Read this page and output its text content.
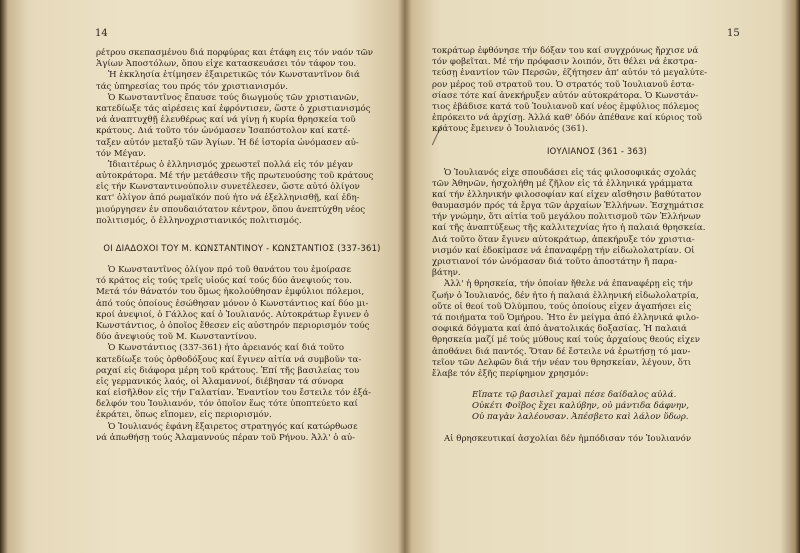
14
ρέτρου σκεπασμένου διά πορφύρας και έτάφη εις τόν ναόν τῶν
Ἁγίων Ἀποστόλων, ὅπου εἶχε κατασκευάσει τόν τάφον του.
Ἡ ἐκκλησία ἐτίμησεν ἐξαιρετικῶς τόν Κωνσταντῖνον διά
τάς ὑπηρεσίας του πρός τόν χριστιανισμόν.
Ὁ Κωνσταντῖνος ἔπαυσε τούς διωγμούς τῶν χριστιανῶν,
κατεδίωξε τάς αἱρέσεις καί ἐφρόντισεν, ὥστε ὁ χριστιανισμός
νά ἀναπτυχθῇ ἐλευθέρως καί νά γίνῃ ἡ κυρία θρησκεία τοῦ
κράτους. Διά τοῦτο τόν ὠνόμασεν Ἰσαπόστολον καί κατέ-
ταξεν αὐτόν μεταξύ τῶν Ἁγίων. Ἡ δέ ἱστορία ὠνόμασεν αὐ-
τόν Μέγαν.
Ἰδιαιτέρως ὁ ἑλληνισμός χρεωστεῖ πολλά εἰς τόν μέγαν
αὐτοκράτορα. Μέ τήν μετάθεσιν τῆς πρωτευούσης τοῦ κράτους
εἰς τήν Κωνσταντινούπολιν συνετέλεσεν, ὥστε αὐτό ὀλίγον
κατ' ὀλίγον ἀπό ρωμαϊκόν πού ἦτο νά ἐξελληνισθῇ, καί ἐδη-
μιούργησεν ἐν σπουδαιότατον κέντρον, ὅπου ἀνεπτύχθη νέος
πολιτισμός, ὁ ἑλληνοχριστιανικός πολιτισμός.
ΟΙ ΔΙΑΔΟΧΟΙ ΤΟΥ Μ. ΚΩΝΣΤΑΝΤΙΝΟΥ - ΚΩΝΣΤΑΝΤΙΟΣ (337-361)
Ὁ Κωνσταντῖνος ὀλίγον πρό τοῦ θανάτου του ἐμοίρασε
τό κράτος εἰς τούς τρεῖς υἱούς καί τούς δύο ἀνεψιούς του.
Μετά τόν θάνατόν του ὅμως ἠκολούθησαν ἐμφύλιοι πόλεμοι,
ἀπό τούς ὁποίους ἐσώθησαν μόνον ὁ Κωνστάντιος καί δύο μι-
κροί ἀνεψιοί, ὁ Γάλλος καί ὁ Ἰουλιανός. Αὐτοκράτωρ ἔγινεν ὁ
Κωνστάντιος, ὁ ὁποῖος ἔθεσεν εἰς αὐστηρόν περιορισμόν τούς
δύο ἀνεψιούς τοῦ Μ. Κωνσταντίνου.
Ὁ Κωνστάντιος (337-361) ἦτο ἀρειανός καί διά τοῦτο
κατεδίωξε τούς ὀρθοδόξους καί ἔγινεν αἰτία νά συμβοῦν τα-
ραχαί εἰς διάφορα μέρη τοῦ κράτους. Ἐπί τῆς βασιλείας του
εἰς γερμανικός λαός, οἱ Ἀλαμαννοί, διέβησαν τά σύνορα
καί εἰσῆλθον εἰς τήν Γαλατίαν. Ἐναντίον του ἔστειλε τόν ἐξά-
δελφόν του Ἰουλιανόν, τόν ὁποῖον ἕως τότε ὑποπτεύετο καί
ἐκράτει, ὅπως εἴπομεν, εἰς περιορισμόν.
Ὁ Ἰουλιανός ἐφάνη ἔξαιρετος στρατηγός καί κατώρθωσε
νά ἀπωθήσῃ τούς Ἀλαμαννούς πέραν τοῦ Ρήνου. Ἀλλ' ὁ αὐ-
15
τοκράτωρ ἐφθόνησε τήν δόξαν του καί συγχρόνως ἤρχισε νά
τόν φοβεῖται. Μέ τήν πρόφασιν λοιπόν, ὅτι θέλει νά ἐκστρα-
τεύσῃ ἐναντίον τῶν Περσῶν, ἐζήτησεν ἀπ' αὐτόν τό μεγαλύτε-
ρον μέρος τοῦ στρατοῦ του. Ὁ στρατός τοῦ Ἰουλιανοῦ ἐστα-
σίασε τότε καί ἀνεκήρυξεν αὐτόν αὐτοκράτορα. Ὁ Κωνστάν-
τιος ἐβάδισε κατά τοῦ Ἰουλιανοῦ καί νέος ἐμφύλιος πόλεμος
ἐπρόκειτο νά ἀρχίσῃ. Ἀλλά καθ' ὁδόν ἀπέθανε καί κύριος τοῦ
κράτους ἔμεινεν ὁ Ἰουλιανός (361).
ΙΟΥΛΙΑΝΟΣ (361 - 363)
Ὁ Ἰουλιανός εἶχε σπουδάσει εἰς τάς φιλοσοφικάς σχολάς
τῶν Ἀθηνῶν, ἠσχολήθη μέ ζῆλον εἰς τά ἑλληνικά γράμματα
καί τήν ἑλληνικήν φιλοσοφίαν καί εἶχεν αἴσθησιν βαθύτατον
θαυμασμόν πρός τά ἔργα τῶν ἀρχαίων Ἑλλήνων. Ἐσχημάτισε
τήν γνώμην, ὅτι αἰτία τοῦ μεγάλου πολιτισμοῦ τῶν Ἑλλήνων
καί τῆς ἀναπτύξεως τῆς καλλιτεχνίας ἦτο ἡ παλαιά θρησκεία.
Διά τοῦτο ὅταν ἔγινεν αὐτοκράτωρ, ἀπεκήρυξε τόν χριστια-
νισμόν καί ἐδοκίμασε νά ἐπαναφέρῃ τήν εἰδωλολατρίαν. Οἱ
χριστιανοί τόν ὠνόμασαν διά τοῦτο ἀποστάτην ἤ παρα-
βάτην.
Ἀλλ' ἡ θρησκεία, τήν ὁποίαν ἤθελε νά ἐπαναφέρῃ εἰς τήν
ζωήν ὁ Ἰουλιανός, δέν ἦτο ἡ παλαιά ἑλληνική εἰδωλολατρία,
οὔτε οἱ θεοί τοῦ Ὀλύμπου, τούς ὁποίους εἶχεν ἀγαπήσει εἰς
τά ποιήματα τοῦ Ὁμήρου. Ἦτο ἐν μείγμα ἀπό ἑλληνικά φιλο-
σοφικά δόγματα καί ἀπό ἀνατολικάς δοξασίας. Ἡ παλαιά
θρησκεία μαζί μέ τούς μύθους καί τούς ἀρχαίους θεούς εἶχεν
ἀποθάνει διά παντός. Ὅταν δέ ἔστειλε νά ἐρωτήσῃ τό μαν-
τεῖον τῶν Δελφῶν διά τήν νέαν του θρησκείαν, λέγουν, ὅτι
ἔλαβε τόν ἑξῆς περίφημον χρησμόν:
Εἴπατε τῷ βασιλεῖ χαμαὶ πέσε δαίδαλος αὐλά.
Οὐκέτι Φοῖβος ἔχει καλύβην, οὐ μάντιδα δάφνην,
Οὐ παγὰν λαλέουσαν. Ἀπέσβετο καὶ λάλον ὕδωρ.
Αἱ θρησκευτικαί ἀσχολίαι δέν ἠμπόδισαν τόν Ἰουλιανόν
